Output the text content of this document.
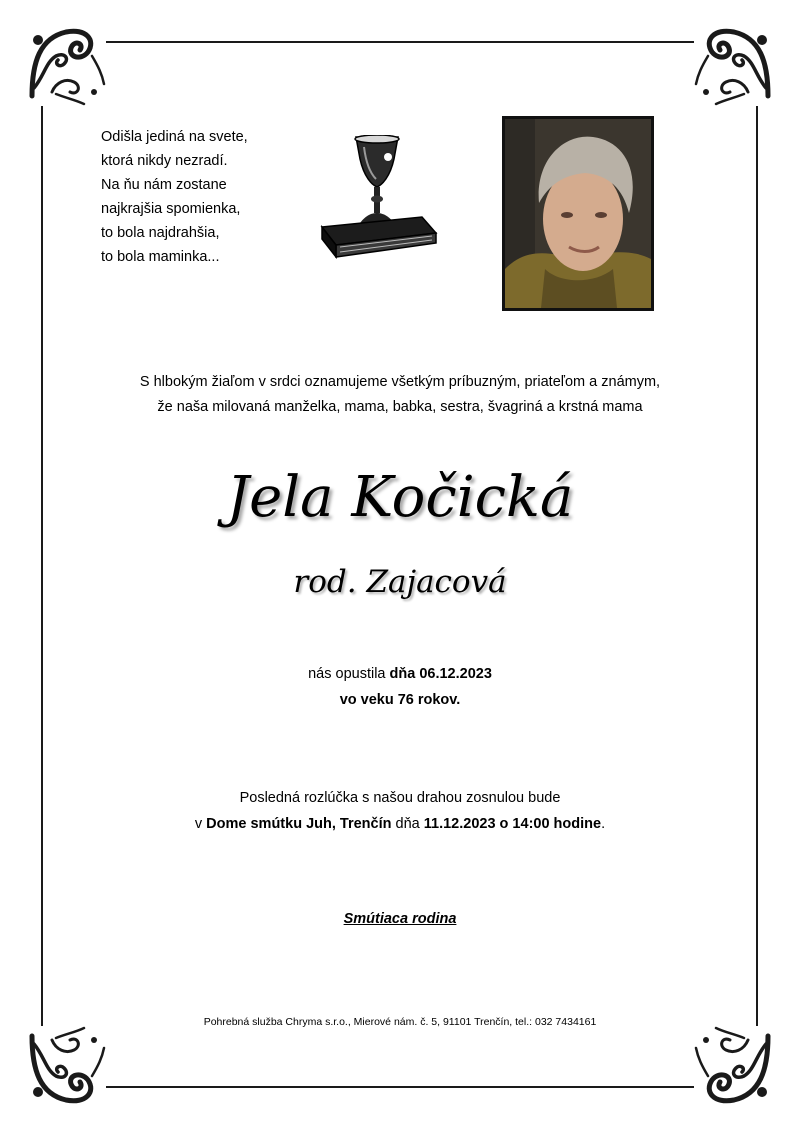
Odišla jediná na svete,
ktorá nikdy nezradí.
Na ňu nám zostane
najkrajšia spomienka,
to bola najdrahšia,
to bola maminka...
S hlbokým žiaľom v srdci oznamujeme všetkým príbuzným, priateľom a známym,
že naša milovaná manželka, mama, babka, sestra, švagriná a krstná mama
Jela Kočická
rod. Zajacová
nás opustila dňa 06.12.2023
vo veku 76 rokov.
Posledná rozlúčka s našou drahou zosnulou bude
v Dome smútku Juh, Trenčín dňa 11.12.2023 o 14:00 hodine.
Smútiaca rodina
Pohrebná služba Chryma s.r.o., Mierové nám. č. 5, 91101 Trenčín, tel.: 032 7434161
